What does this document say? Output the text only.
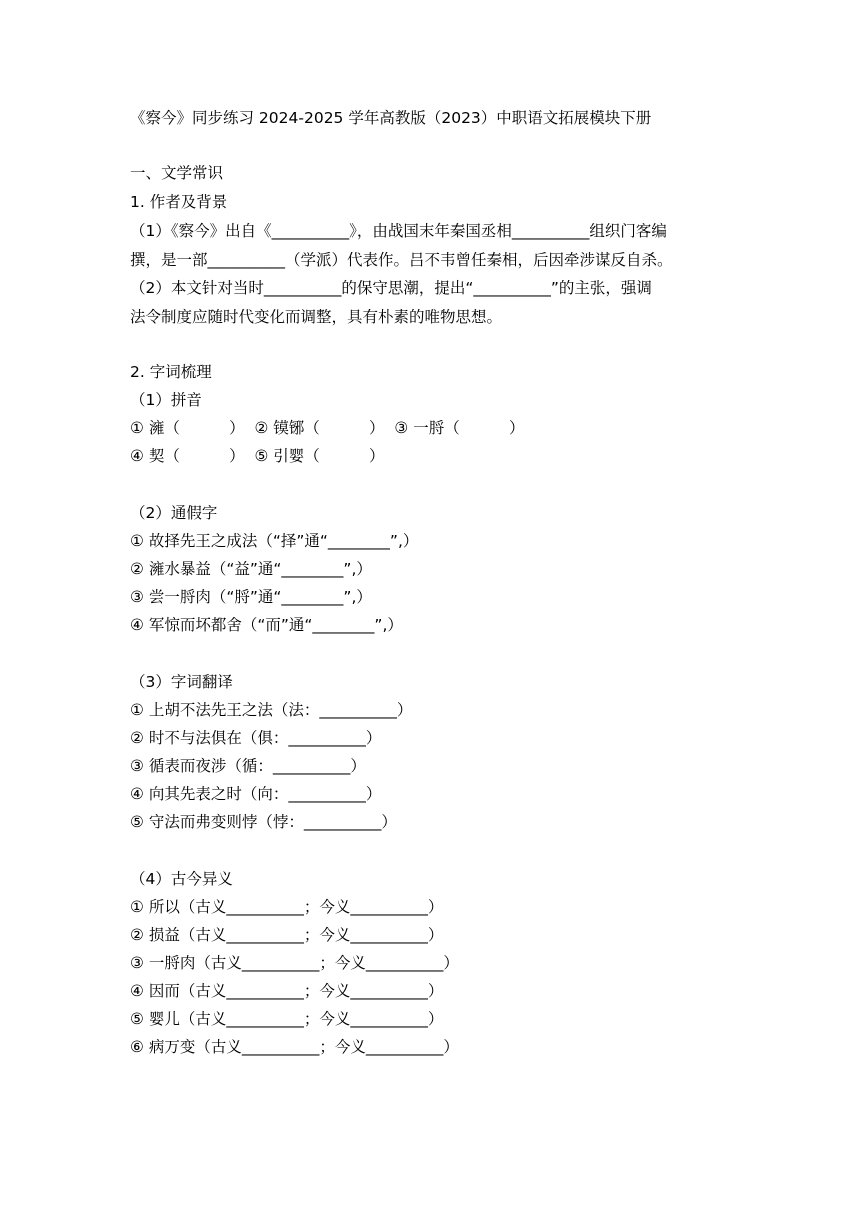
《察今》同步练习 2024-2025 学年高教版（2023）中职语文拓展模块下册
一、文学常识
1. 作者及背景
（1）《察今》出自《__________》，由战国末年秦国丞相__________组织门客编
撰，是一部__________（学派）代表作。吕不韦曾任秦相，后因牵涉谋反自杀。
（2）本文针对当时__________的保守思潮，提出“__________”的主张，强调
法令制度应随时代变化而调整，具有朴素的唯物思想。
2. 字词梳理
（1）拼音
① 澭（          ）  ② 镆铘（          ）  ③ 一脟（          ）
④ 契（          ）  ⑤ 引婴（          ）
（2）通假字
① 故择先王之成法（“择”通“________”,）
② 澭水暴益（“益”通“________”,）
③ 尝一脟肉（“脟”通“________”,）
④ 军惊而坏都舍（“而”通“________”,）
（3）字词翻译
① 上胡不法先王之法（法：__________）
② 时不与法俱在（俱：__________）
③ 循表而夜涉（循：__________）
④ 向其先表之时（向：__________）
⑤ 守法而弗变则悖（悖：__________）
（4）古今异义
① 所以（古义__________；今义__________）
② 损益（古义__________；今义__________）
③ 一脟肉（古义__________；今义__________）
④ 因而（古义__________；今义__________）
⑤ 婴儿（古义__________；今义__________）
⑥ 病万变（古义__________；今义__________）
